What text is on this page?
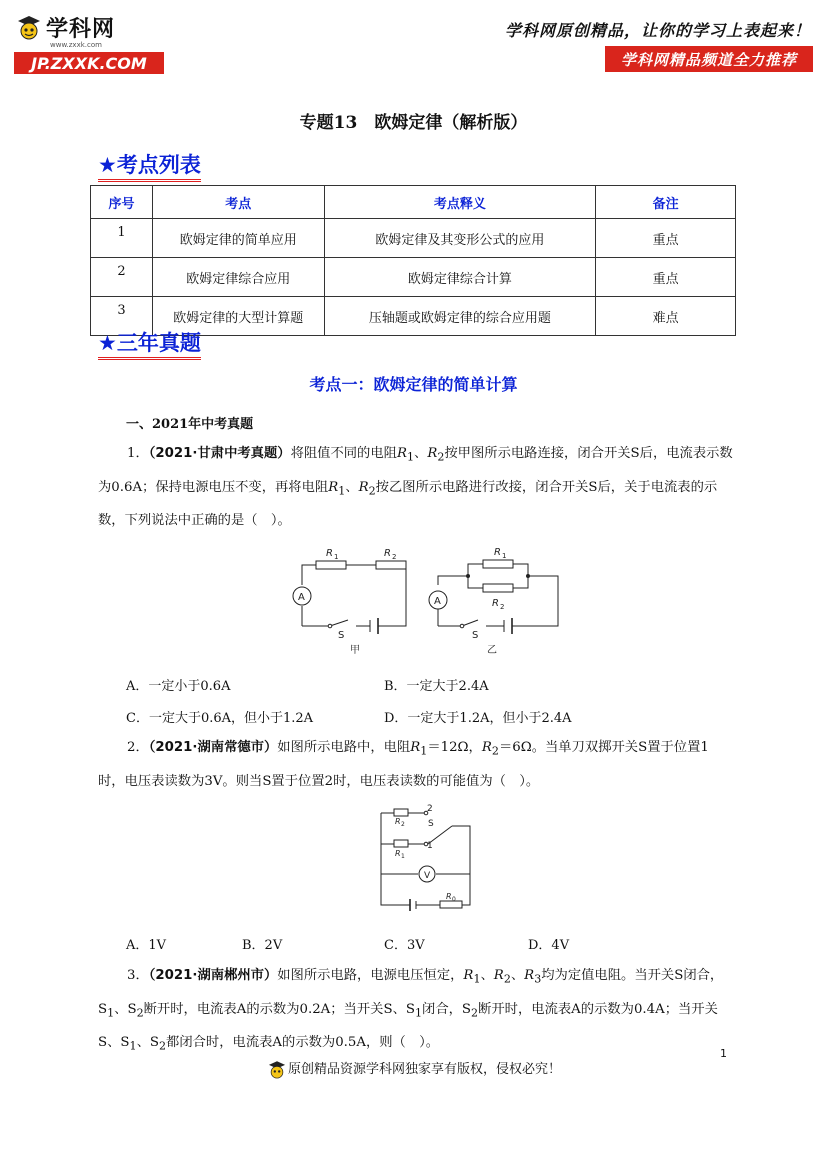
学科网
www.zxxk.com
JP.ZXXK.COM
学科网原创精品，让你的学习上表起来！
学科网精品频道全力推荐
专题13　欧姆定律（解析版）
★考点列表
序号	考点	考点释义	备注
1	欧姆定律的简单应用	欧姆定律及其变形公式的应用	重点
2	欧姆定律综合应用	欧姆定律综合计算	重点
3	欧姆定律的大型计算题	压轴题或欧姆定律的综合应用题	难点
★三年真题
考点一：欧姆定律的简单计算
一、2021年中考真题
1．（2021·甘肃中考真题）将阻值不同的电阻$R_1$、$R_2$按甲图所示电路连接，闭合开关S后，电流表示数为0.6A；保持电源电压不变，再将电阻$R_1$、$R_2$按乙图所示电路进行改接，闭合开关S后，关于电流表的示数，下列说法中正确的是（　）。
A	A
R 1	R 2	R 1
R 2
S	S
甲	乙
A．一定小于0.6A	B．一定大于2.4A
C．一定大于0.6A，但小于1.2A	D．一定大于1.2A，但小于2.4A
2．（2021·湖南常德市）如图所示电路中，电阻$R_1=12\Omega$，$R_2=6\Omega$。当单刀双掷开关S置于位置1时，电压表读数为3V。则当S置于位置2时，电压表读数的可能值为（　）。
V
R 2
R 1
R 0
2
1
S
A．1V	B．2V	C．3V	D．4V
3．（2021·湖南郴州市）如图所示电路，电源电压恒定，$R_1$、$R_2$、$R_3$均为定值电阻。当开关S闭合，$S_1$、$S_2$断开时，电流表A的示数为0.2A；当开关S、$S_1$闭合，$S_2$断开时，电流表A的示数为0.4A；当开关S、$S_1$、$S_2$都闭合时，电流表A的示数为0.5A，则（　）。
1
原创精品资源学科网独家享有版权，侵权必究！
